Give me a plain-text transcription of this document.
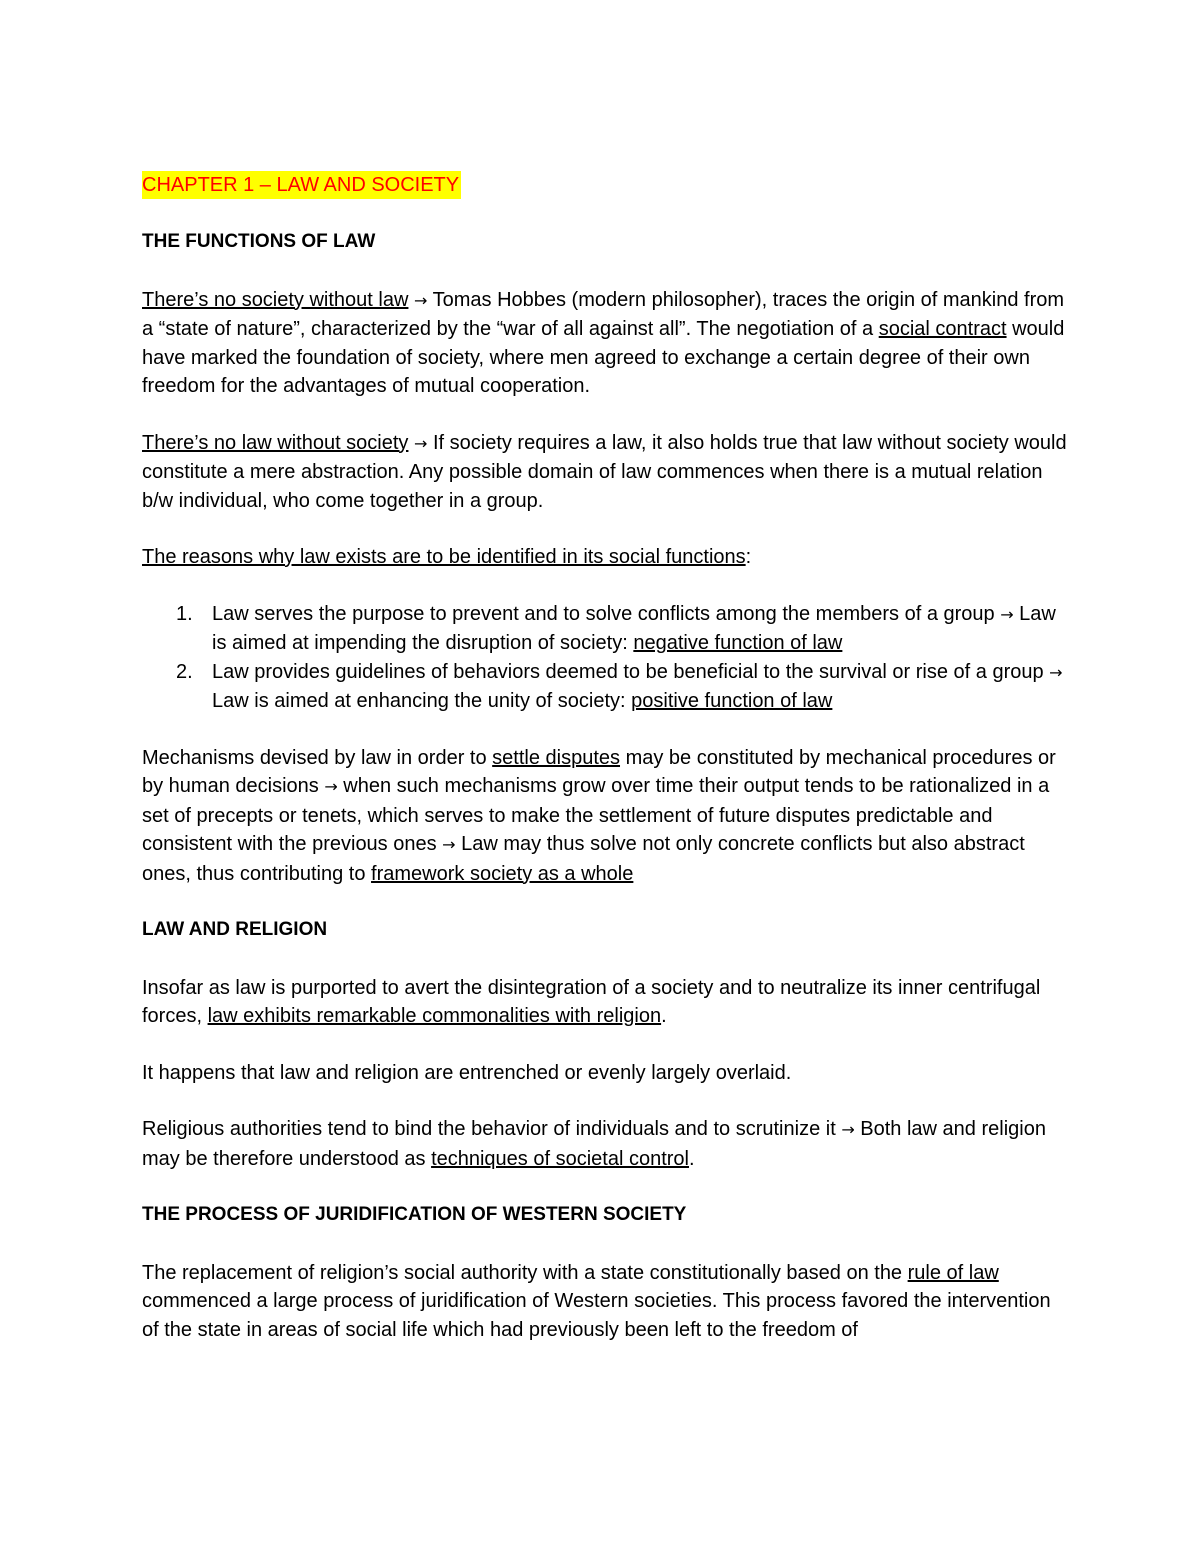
CHAPTER 1 – LAW AND SOCIETY

THE FUNCTIONS OF LAW

There’s no society without law → Tomas Hobbes (modern philosopher), traces the origin of mankind from a “state of nature”, characterized by the “war of all against all”. The negotiation of a social contract would have marked the foundation of society, where men agreed to exchange a certain degree of their own freedom for the advantages of mutual cooperation.

There’s no law without society → If society requires a law, it also holds true that law without society would constitute a mere abstraction. Any possible domain of law commences when there is a mutual relation b/w individual, who come together in a group.

The reasons why law exists are to be identified in its social functions:

1. Law serves the purpose to prevent and to solve conflicts among the members of a group → Law is aimed at impending the disruption of society: negative function of law
2. Law provides guidelines of behaviors deemed to be beneficial to the survival or rise of a group → Law is aimed at enhancing the unity of society: positive function of law

Mechanisms devised by law in order to settle disputes may be constituted by mechanical procedures or by human decisions → when such mechanisms grow over time their output tends to be rationalized in a set of precepts or tenets, which serves to make the settlement of future disputes predictable and consistent with the previous ones → Law may thus solve not only concrete conflicts but also abstract ones, thus contributing to framework society as a whole

LAW AND RELIGION

Insofar as law is purported to avert the disintegration of a society and to neutralize its inner centrifugal forces, law exhibits remarkable commonalities with religion.

It happens that law and religion are entrenched or evenly largely overlaid.

Religious authorities tend to bind the behavior of individuals and to scrutinize it → Both law and religion may be therefore understood as techniques of societal control.

THE PROCESS OF JURIDIFICATION OF WESTERN SOCIETY

The replacement of religion’s social authority with a state constitutionally based on the rule of law commenced a large process of juridification of Western societies. This process favored the intervention of the state in areas of social life which had previously been left to the freedom of
